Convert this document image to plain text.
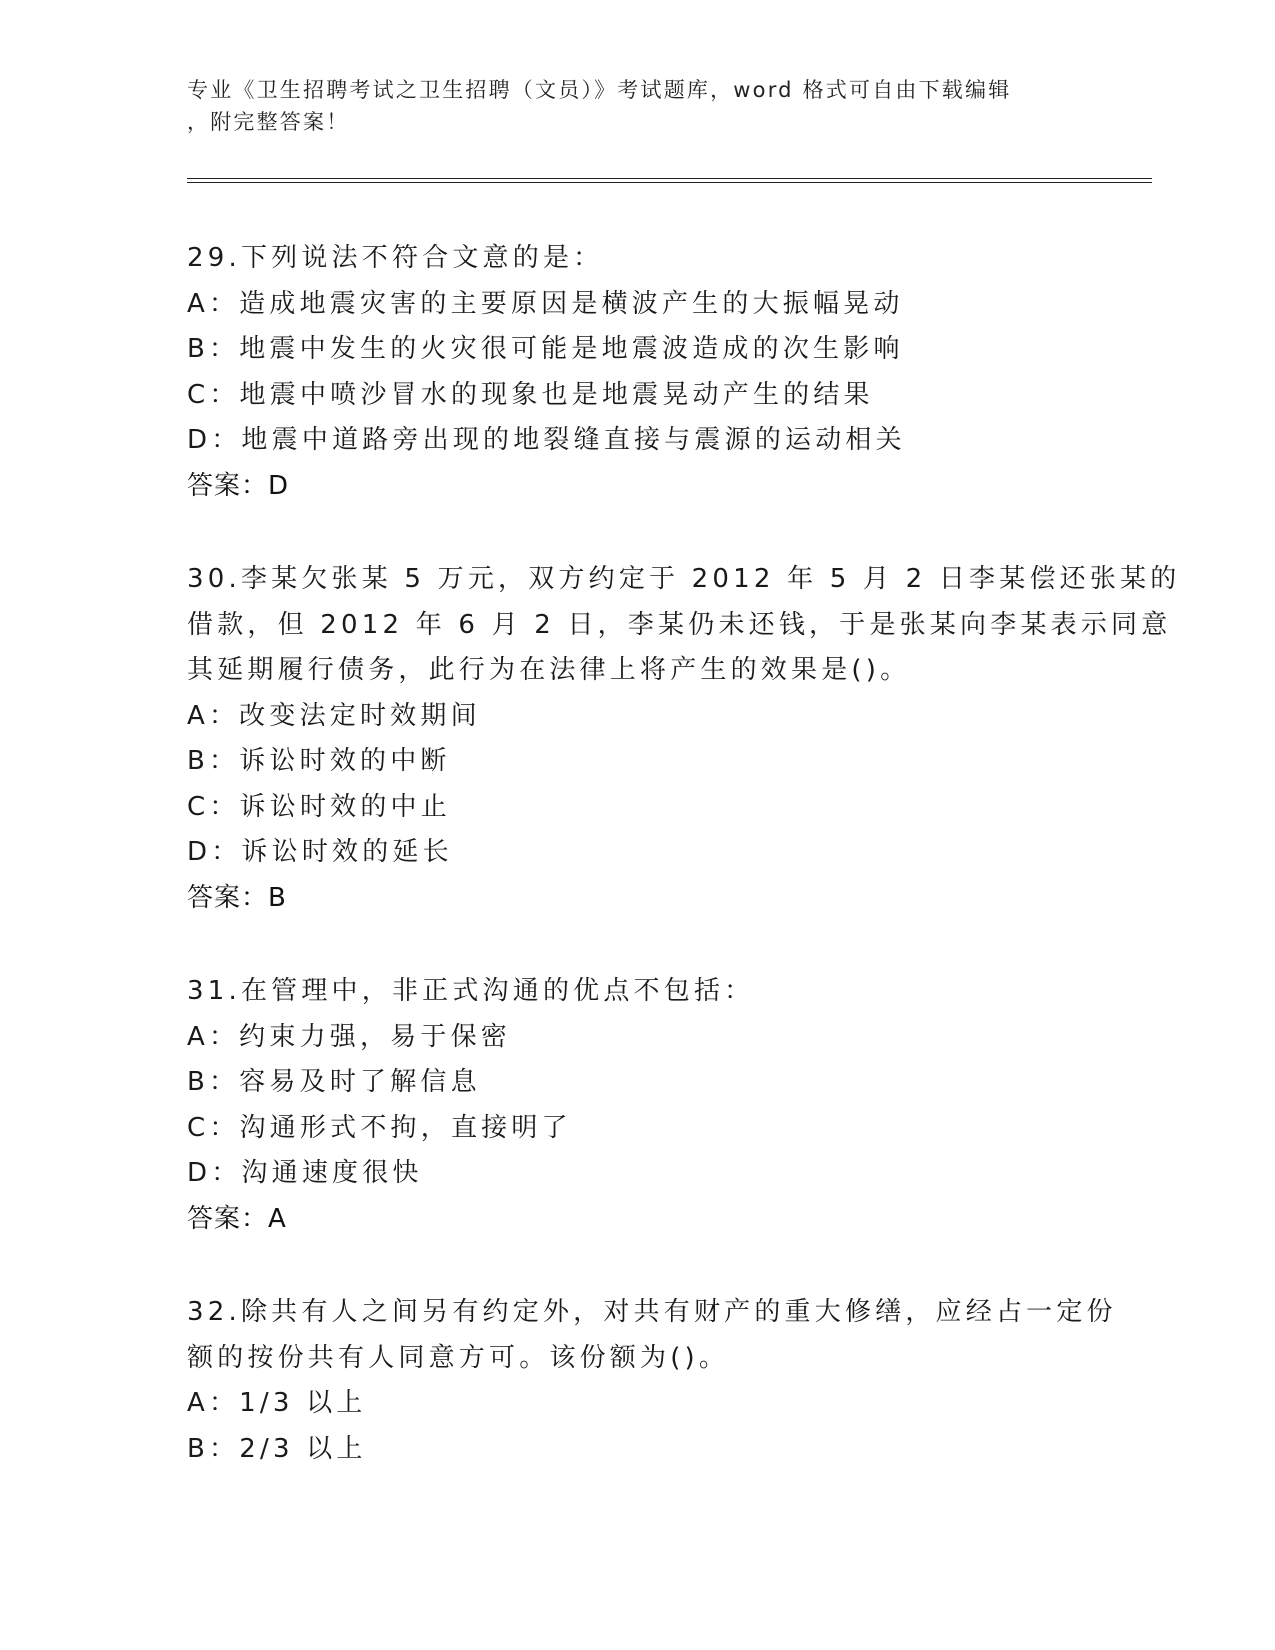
专业《卫生招聘考试之卫生招聘（文员）》考试题库，word 格式可自由下载编辑
，附完整答案！
29.下列说法不符合文意的是：
A：造成地震灾害的主要原因是横波产生的大振幅晃动
B：地震中发生的火灾很可能是地震波造成的次生影响
C：地震中喷沙冒水的现象也是地震晃动产生的结果
D：地震中道路旁出现的地裂缝直接与震源的运动相关
答案：D
30.李某欠张某 5 万元，双方约定于 2012 年 5 月 2 日李某偿还张某的
借款，但 2012 年 6 月 2 日，李某仍未还钱，于是张某向李某表示同意
其延期履行债务，此行为在法律上将产生的效果是()。
A：改变法定时效期间
B：诉讼时效的中断
C：诉讼时效的中止
D：诉讼时效的延长
答案：B
31.在管理中，非正式沟通的优点不包括：
A：约束力强，易于保密
B：容易及时了解信息
C：沟通形式不拘，直接明了
D：沟通速度很快
答案：A
32.除共有人之间另有约定外，对共有财产的重大修缮，应经占一定份
额的按份共有人同意方可。该份额为()。
A：1/3 以上
B：2/3 以上
